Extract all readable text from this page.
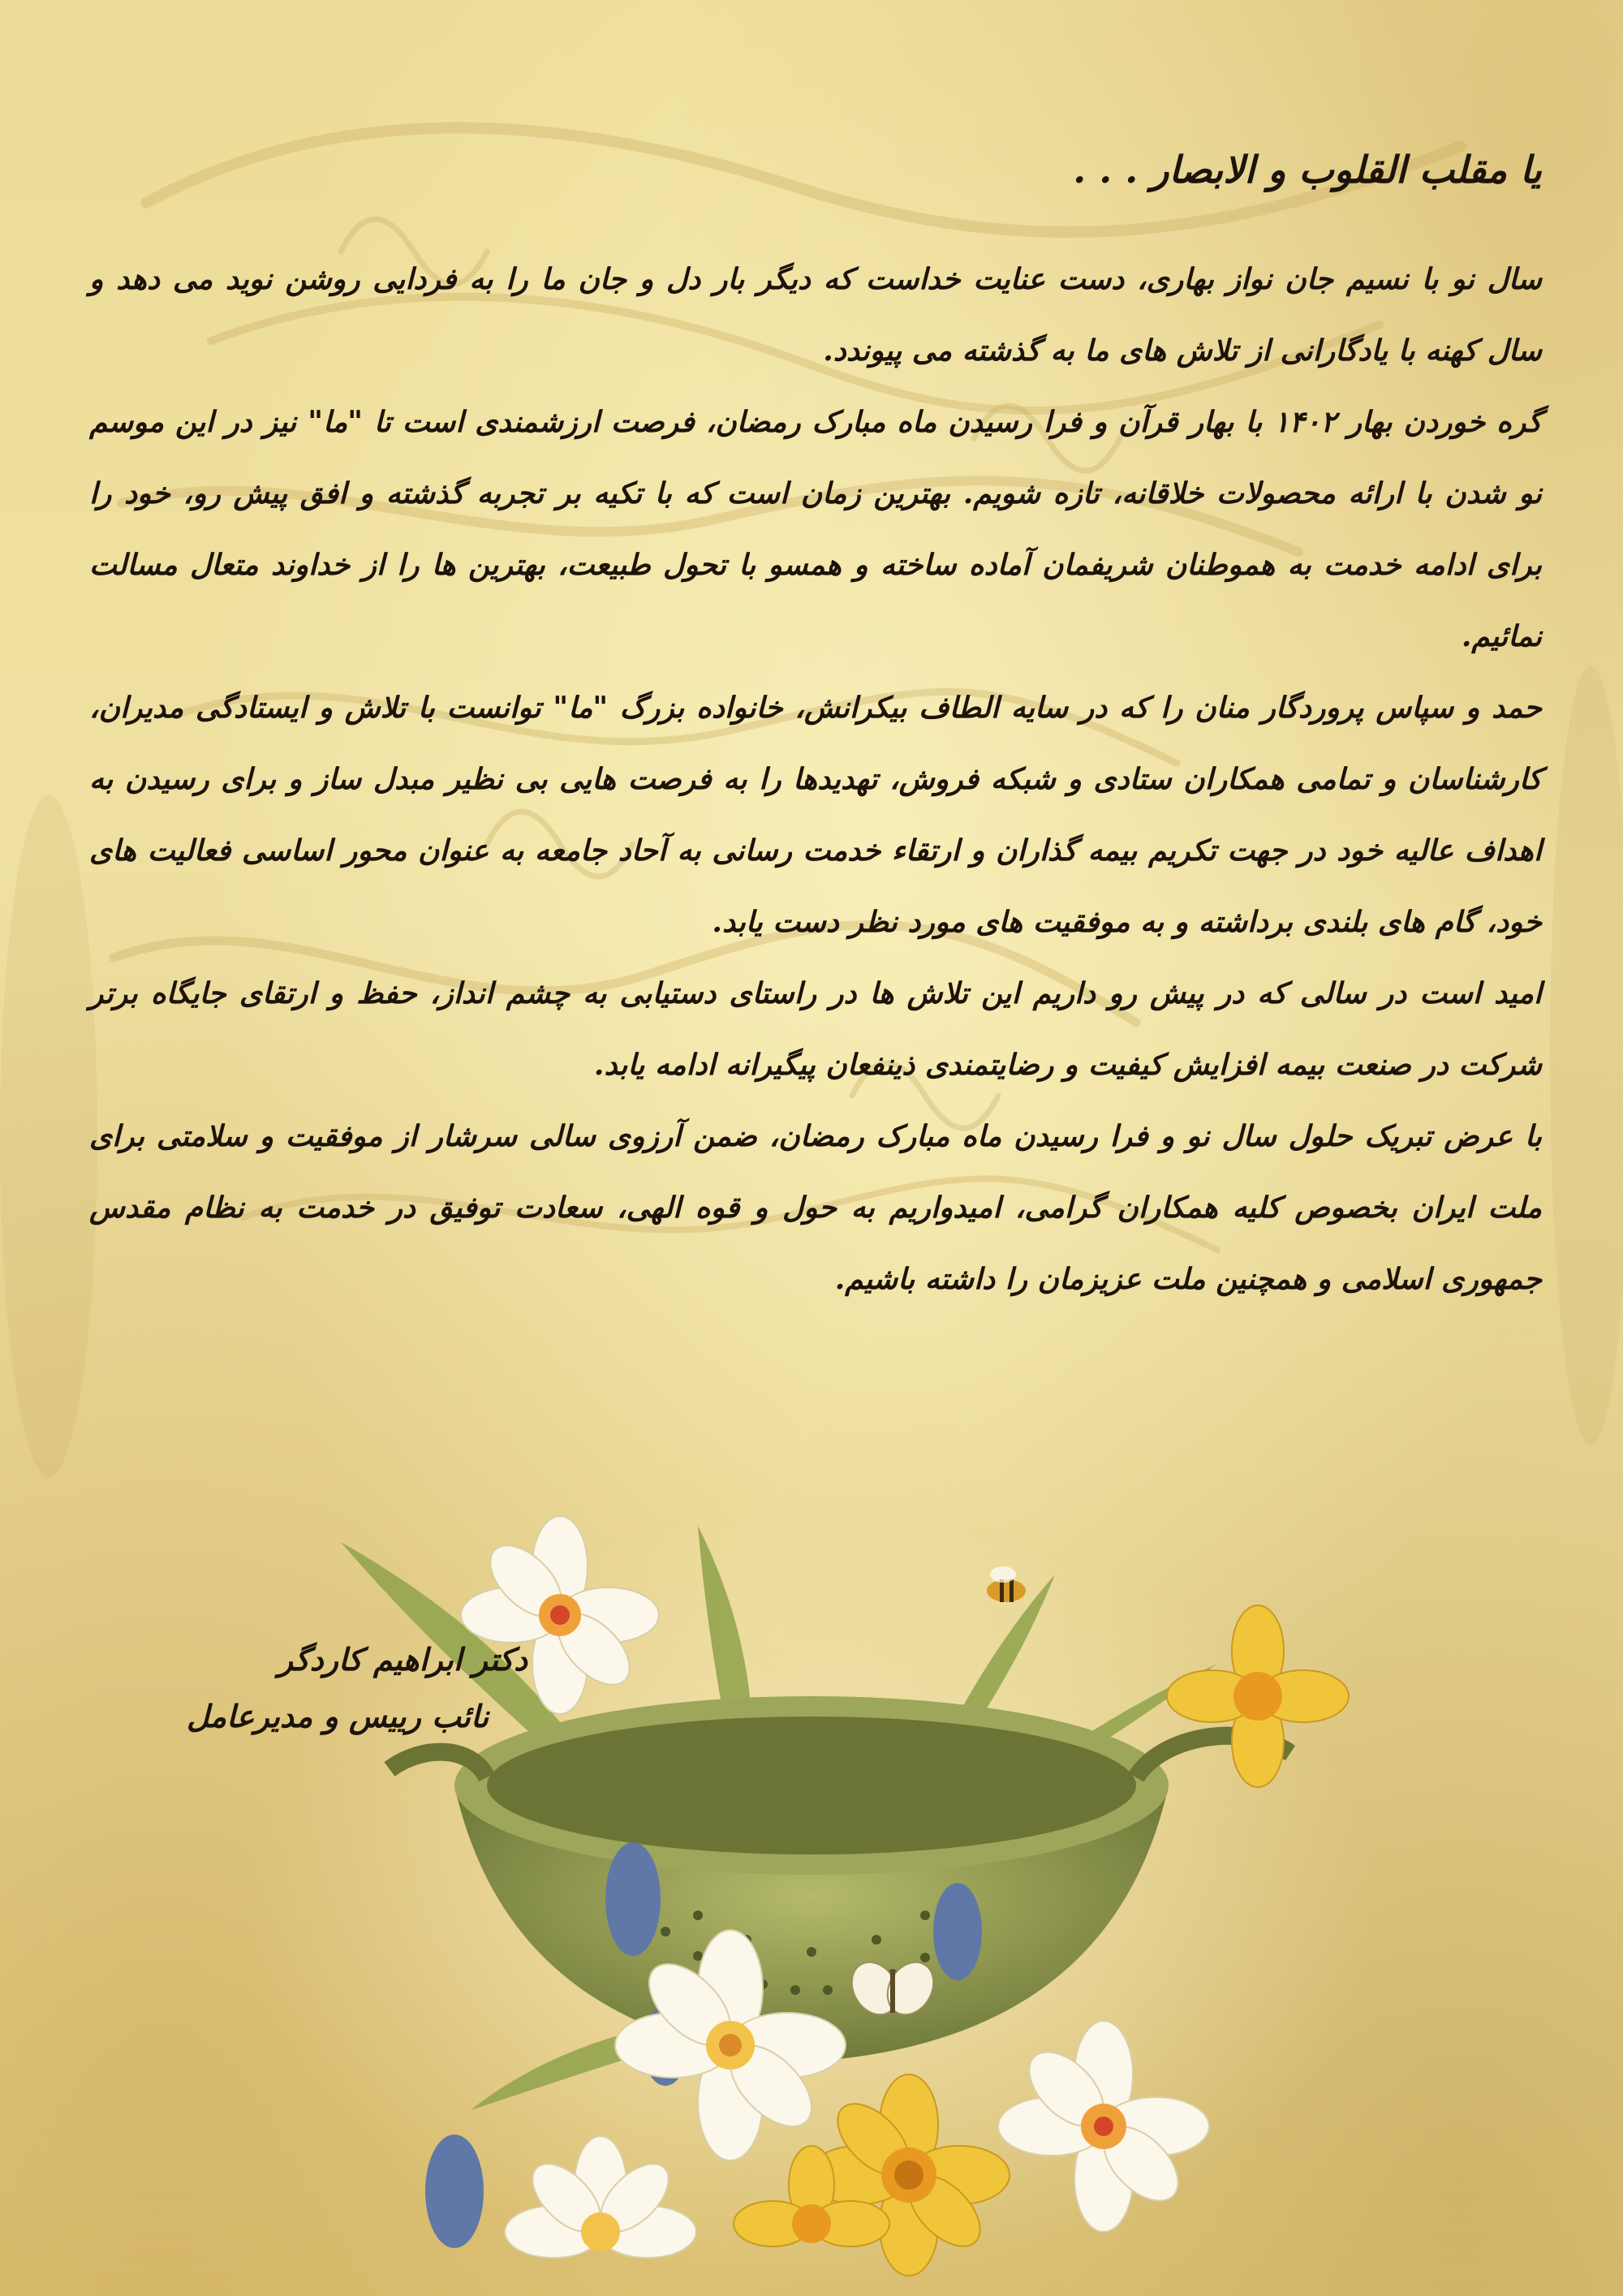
یا مقلب القلوب و الابصار . . .

سال نو با نسیم جان نواز بهاری، دست عنایت خداست که دیگر بار دل و جان ما را به فردایی روشن نوید می دهد و سال کهنه با یادگارانی از تلاش های ما به گذشته می پیوندد.

گره خوردن بهار ۱۴۰۲ با بهار قرآن و فرا رسیدن ماه مبارک رمضان، فرصت ارزشمندی است تا "ما" نیز در این موسم نو شدن با ارائه محصولات خلاقانه، تازه شویم. بهترین زمان است که با تکیه بر تجربه گذشته و افق پیش رو، خود را برای ادامه خدمت به هموطنان شریفمان آماده ساخته و همسو با تحول طبیعت، بهترین ها را از خداوند متعال مسالت نمائیم.

حمد و سپاس پروردگار منان را که در سایه الطاف بیکرانش، خانواده بزرگ "ما" توانست با تلاش و ایستادگی مدیران، کارشناسان و تمامی همکاران ستادی و شبکه فروش، تهدیدها را به فرصت هایی بی نظیر مبدل ساز و برای رسیدن به اهداف عالیه خود در جهت تکریم بیمه گذاران و ارتقاء خدمت رسانی به آحاد جامعه به عنوان محور اساسی فعالیت های خود، گام های بلندی برداشته و به موفقیت های مورد نظر دست یابد.

امید است در سالی که در پیش رو داریم این تلاش ها در راستای دستیابی به چشم انداز، حفظ و ارتقای جایگاه برتر شرکت در صنعت بیمه افزایش کیفیت و رضایتمندی ذینفعان پیگیرانه ادامه یابد.

با عرض تبریک حلول سال نو و فرا رسیدن ماه مبارک رمضان، ضمن آرزوی سالی سرشار از موفقیت و سلامتی برای ملت ایران بخصوص کلیه همکاران گرامی، امیدواریم به حول و قوه الهی، سعادت توفیق در خدمت به نظام مقدس جمهوری اسلامی و همچنین ملت عزیزمان را داشته باشیم.

دکتر ابراهیم کاردگر
نائب رییس و مدیرعامل
